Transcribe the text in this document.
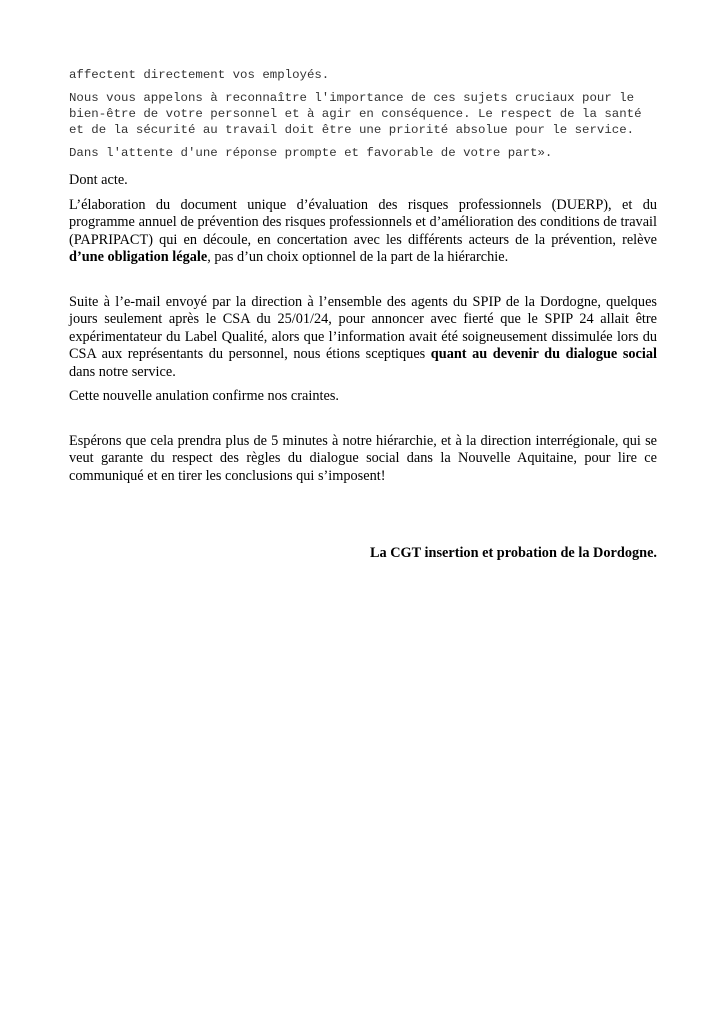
affectent directement vos employés.

Nous vous appelons à reconnaître l'importance de ces sujets cruciaux pour le bien-être de votre personnel et à agir en conséquence. Le respect de la santé et de la sécurité au travail doit être une priorité absolue pour le service.

Dans l'attente d'une réponse prompte et favorable de votre part».

Dont acte.

L’élaboration du document unique d’évaluation des risques professionnels (DUERP), et du programme annuel de prévention des risques professionnels et d’amélioration des conditions de travail (PAPRIPACT) qui en découle, en concertation avec les différents acteurs de la prévention, relève d’une obligation légale, pas d’un choix optionnel de la part de la hiérarchie.

Suite à l’e-mail envoyé par la direction à l’ensemble des agents du SPIP de la Dordogne, quelques jours seulement après le CSA du 25/01/24, pour annoncer avec fierté que le SPIP 24 allait être expérimentateur du Label Qualité, alors que l’information avait été soigneusement dissimulée lors du CSA aux représentants du personnel, nous étions sceptiques quant au devenir du dialogue social dans notre service.

Cette nouvelle anulation confirme nos craintes.

Espérons que cela prendra plus de 5 minutes à notre hiérarchie, et à la direction interrégionale, qui se veut garante du respect des règles du dialogue social dans la Nouvelle Aquitaine, pour lire ce communiqué et en tirer les conclusions qui s’imposent!

La CGT insertion et probation de la Dordogne.
